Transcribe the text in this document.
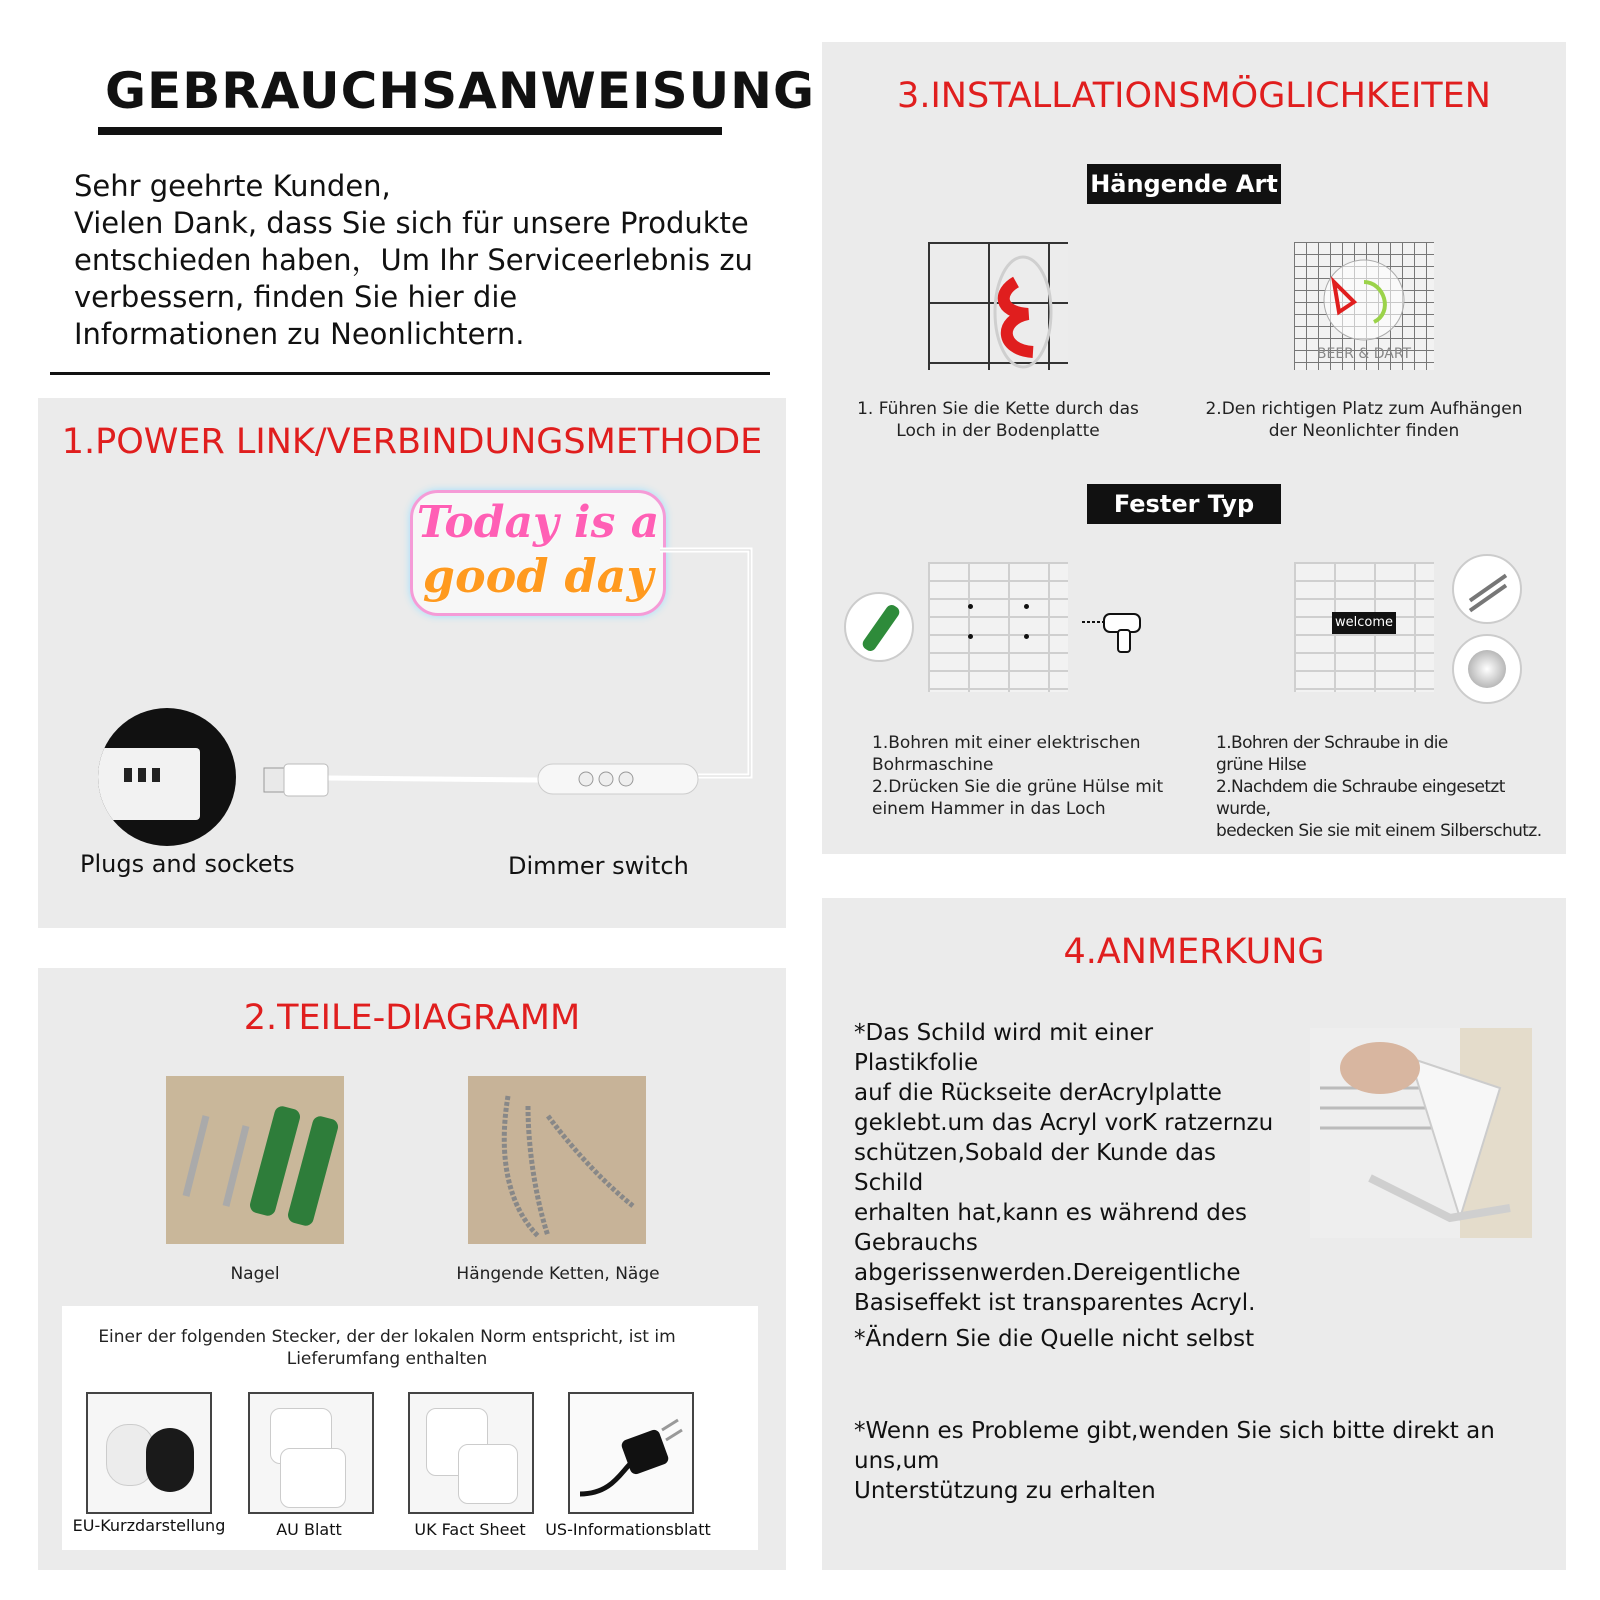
GEBRAUCHSANWEISUNG
Sehr geehrte Kunden,
Vielen Dank, dass Sie sich für unsere Produkte
entschieden haben，Um Ihr Serviceerlebnis zu
verbessern, finden Sie hier die
Informationen zu Neonlichtern.
1.POWER LINK/VERBINDUNGSMETHODE
Today is a
good day
Plugs and sockets	Dimmer switch
2.TEILE-DIAGRAMM
Nagel	Hängende Ketten, Näge
Einer der folgenden Stecker, der der lokalen Norm entspricht, ist im
Lieferumfang enthalten
EU-Kurzdarstellung	AU Blatt	UK Fact Sheet	US-Informationsblatt
3.INSTALLATIONSMÖGLICHKEITEN
Hängende Art
1. Führen Sie die Kette durch das
Loch in der Bodenplatte
BEER & DART
2.Den richtigen Platz zum Aufhängen
der Neonlichter finden
Fester Typ
1.Bohren mit einer elektrischen
Bohrmaschine
2.Drücken Sie die grüne Hülse mit
einem Hammer in das Loch
welcome
1.Bohren der Schraube in die
grüne Hilse
2.Nachdem die Schraube eingesetzt wurde,
bedecken Sie sie mit einem Silberschutz.
4.ANMERKUNG
*Das Schild wird mit einer Plastikfolie
auf die Rückseite derAcrylplatte
geklebt.um das Acryl vorK ratzernzu
schützen,Sobald der Kunde das Schild
erhalten hat,kann es während des
Gebrauchs
abgerissenwerden.Dereigentliche
Basiseffekt ist transparentes Acryl.
*Ändern Sie die Quelle nicht selbst
*Wenn es Probleme gibt,wenden Sie sich bitte direkt an uns,um
Unterstützung zu erhalten
